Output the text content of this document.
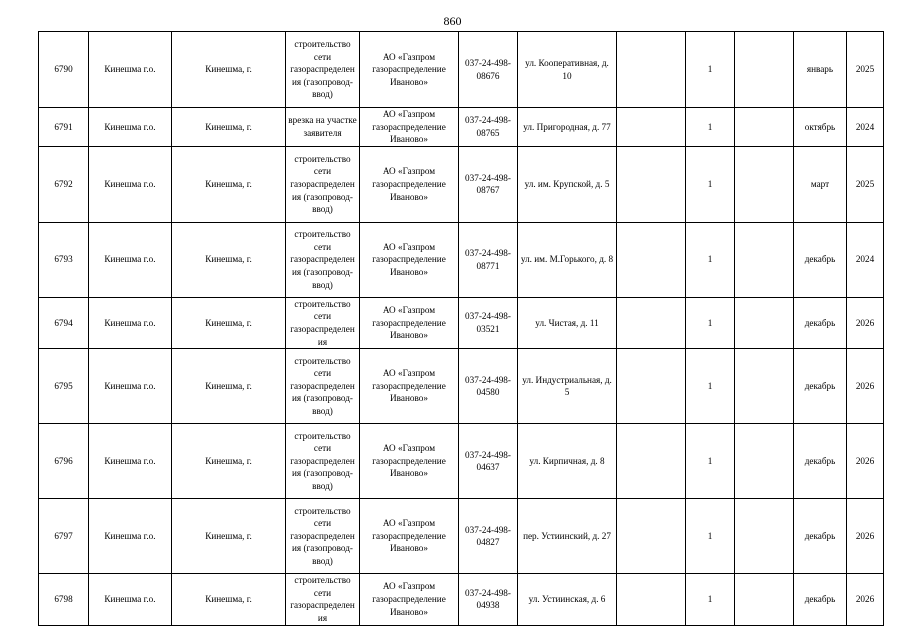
860
6790	Кинешма г.о.	Кинешма, г.	строительство сети газораспределения (газопровод-ввод)	АО «Газпром газораспределение Иваново»	037-24-498-08676	ул. Кооперативная, д. 10		1		январь	2025
6791	Кинешма г.о.	Кинешма, г.	врезка на участке заявителя	АО «Газпром газораспределение Иваново»	037-24-498-08765	ул. Пригородная, д. 77		1		октябрь	2024
6792	Кинешма г.о.	Кинешма, г.	строительство сети газораспределения (газопровод-ввод)	АО «Газпром газораспределение Иваново»	037-24-498-08767	ул. им. Крупской, д. 5		1		март	2025
6793	Кинешма г.о.	Кинешма, г.	строительство сети газораспределения (газопровод-ввод)	АО «Газпром газораспределение Иваново»	037-24-498-08771	ул. им. М.Горького, д. 8		1		декабрь	2024
6794	Кинешма г.о.	Кинешма, г.	строительство сети газораспределения	АО «Газпром газораспределение Иваново»	037-24-498-03521	ул. Чистая, д. 11		1		декабрь	2026
6795	Кинешма г.о.	Кинешма, г.	строительство сети газораспределения (газопровод-ввод)	АО «Газпром газораспределение Иваново»	037-24-498-04580	ул. Индустриальная, д. 5		1		декабрь	2026
6796	Кинешма г.о.	Кинешма, г.	строительство сети газораспределения (газопровод-ввод)	АО «Газпром газораспределение Иваново»	037-24-498-04637	ул. Кирпичная, д. 8		1		декабрь	2026
6797	Кинешма г.о.	Кинешма, г.	строительство сети газораспределения (газопровод-ввод)	АО «Газпром газораспределение Иваново»	037-24-498-04827	пер. Устиинский, д. 27		1		декабрь	2026
6798	Кинешма г.о.	Кинешма, г.	строительство сети газораспределения	АО «Газпром газораспределение Иваново»	037-24-498-04938	ул. Устиинская, д. 6		1		декабрь	2026
